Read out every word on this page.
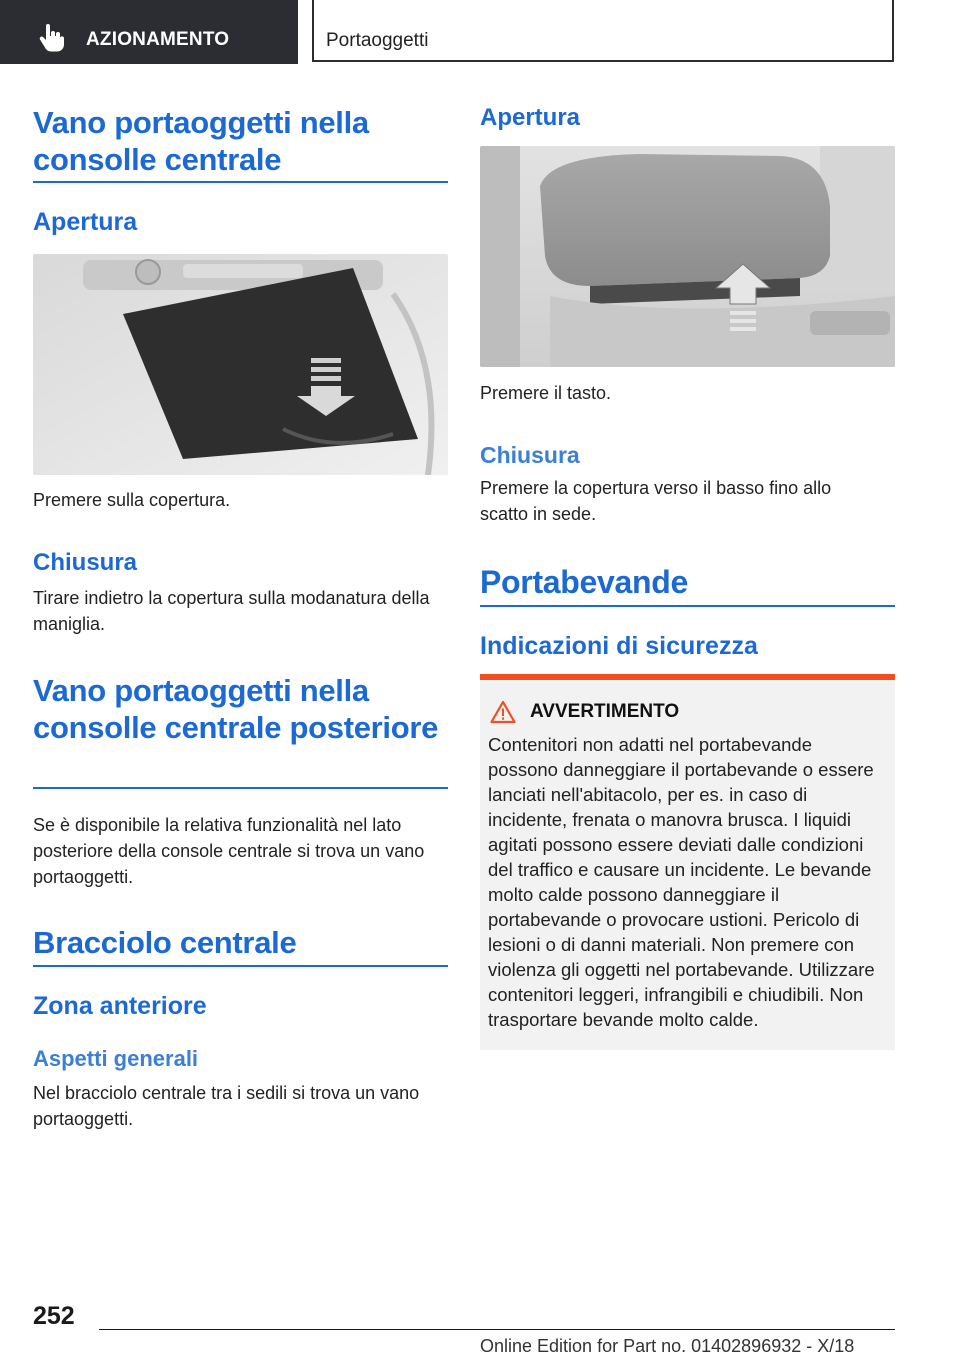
AZIONAMENTO	Portaoggetti
Vano portaoggetti nella consolle centrale
Apertura

Premere sulla copertura.

Chiusura

Tirare indietro la copertura sulla modanatura della maniglia.

Vano portaoggetti nella consolle centrale posteriore

Se è disponibile la relativa funzionalità nel lato posteriore della console centrale si trova un vano portaoggetti.

Bracciolo centrale
Zona anteriore
Aspetti generali

Nel bracciolo centrale tra i sedili si trova un vano portaoggetti.

Apertura

Premere il tasto.

Chiusura

Premere la copertura verso il basso fino allo scatto in sede.

Portabevande
Indicazioni di sicurezza
AVVERTIMENTO
Contenitori non adatti nel portabevande possono danneggiare il portabevande o essere lanciati nell'abitacolo, per es. in caso di incidente, frenata o manovra brusca. I liquidi agitati possono essere deviati dalle condizioni del traffico e causare un incidente. Le bevande molto calde possono danneggiare il portabevande o provocare ustioni. Pericolo di lesioni o di danni materiali. Non premere con violenza gli oggetti nel portabevande. Utilizzare contenitori leggeri, infrangibili e chiudibili. Non trasportare bevande molto calde.
252
Online Edition for Part no. 01402896932 - X/18
